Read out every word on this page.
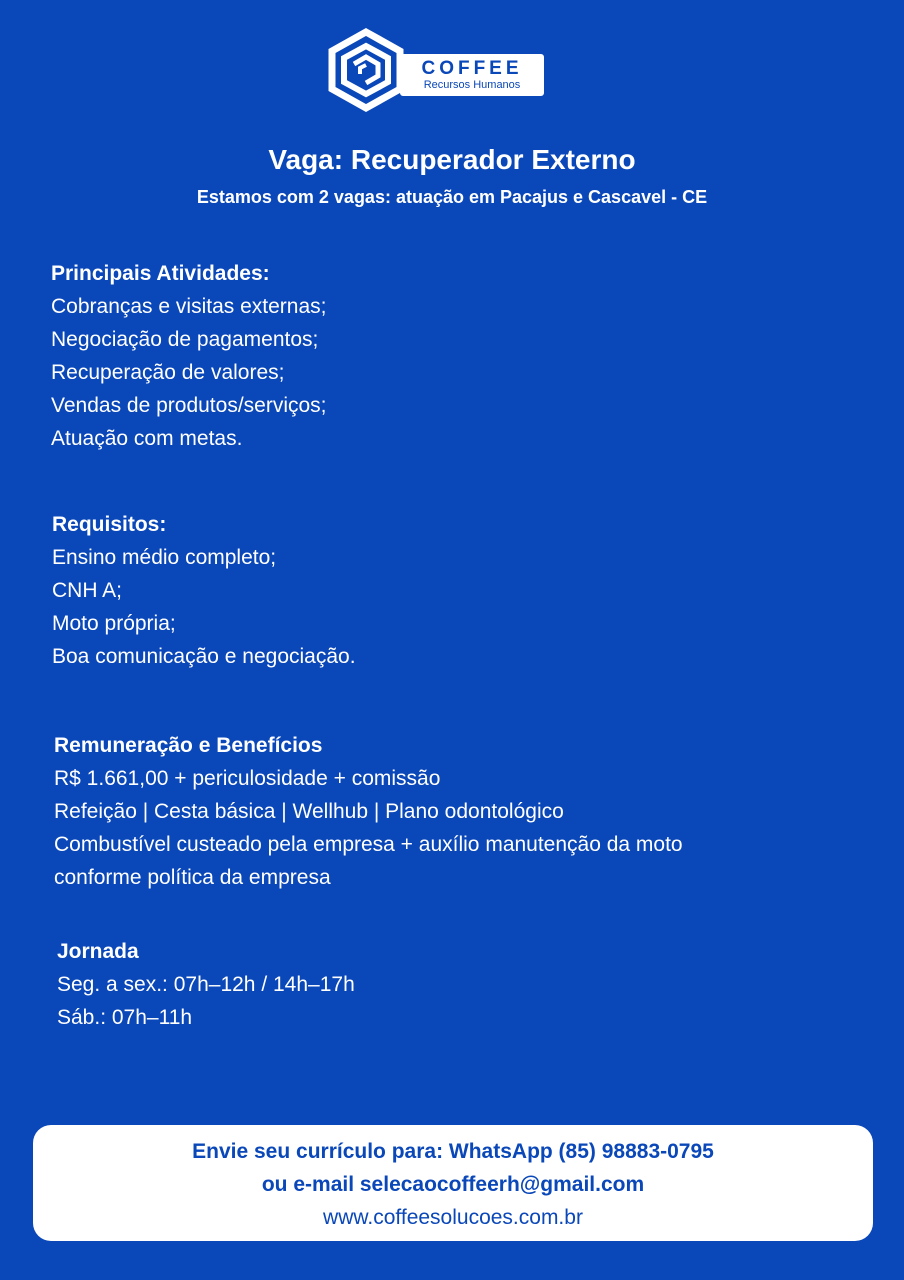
COFFEE
Recursos Humanos
Vaga: Recuperador Externo
Estamos com 2 vagas: atuação em Pacajus e Cascavel - CE
Principais Atividades:
Cobranças e visitas externas;
Negociação de pagamentos;
Recuperação de valores;
Vendas de produtos/serviços;
Atuação com metas.
Requisitos:
Ensino médio completo;
CNH A;
Moto própria;
Boa comunicação e negociação.
Remuneração e Benefícios
R$ 1.661,00 + periculosidade + comissão
Refeição | Cesta básica | Wellhub | Plano odontológico
Combustível custeado pela empresa + auxílio manutenção da moto
conforme política da empresa
Jornada
Seg. a sex.: 07h–12h / 14h–17h
Sáb.: 07h–11h
Envie seu currículo para: WhatsApp (85) 98883-0795
ou e-mail selecaocoffeerh@gmail.com
www.coffeesolucoes.com.br
